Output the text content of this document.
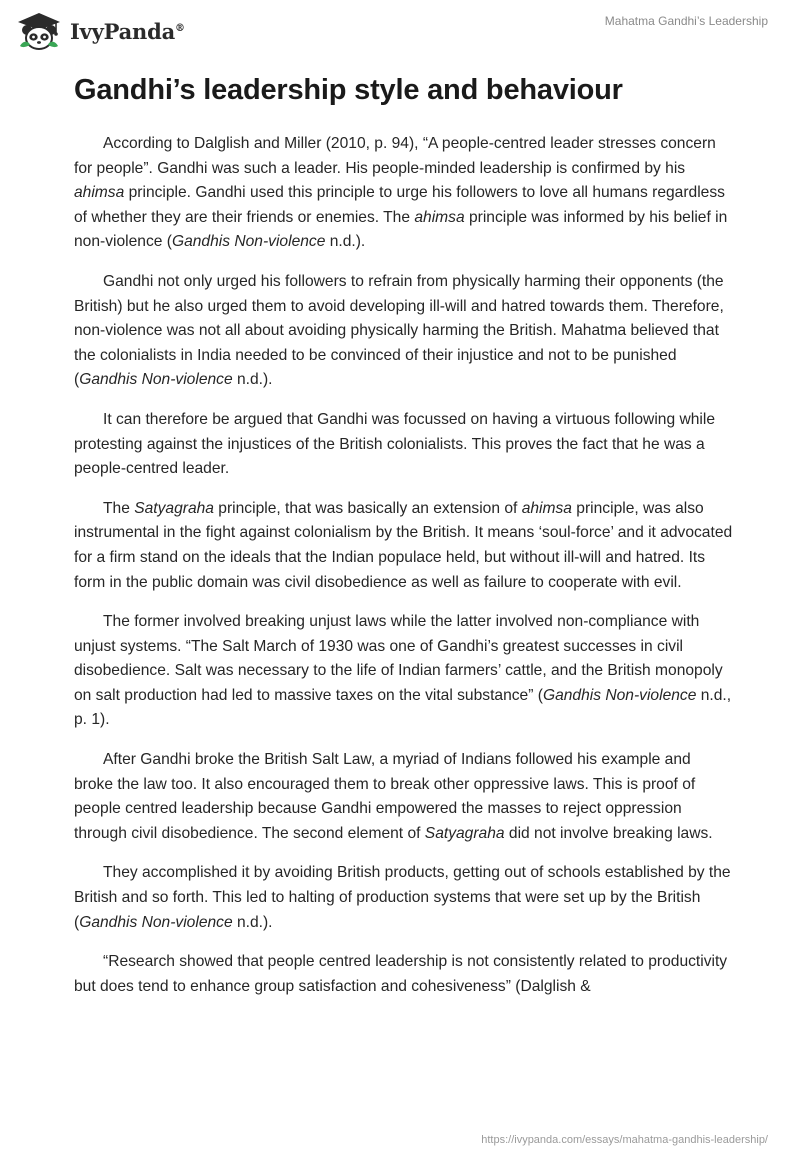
IvyPanda®	Mahatma Gandhi’s Leadership
Gandhi’s leadership style and behaviour

According to Dalglish and Miller (2010, p. 94), “A people-centred leader stresses concern for people”. Gandhi was such a leader. His people-minded leadership is confirmed by his ahimsa principle. Gandhi used this principle to urge his followers to love all humans regardless of whether they are their friends or enemies. The ahimsa principle was informed by his belief in non-violence (Gandhis Non-violence n.d.).

Gandhi not only urged his followers to refrain from physically harming their opponents (the British) but he also urged them to avoid developing ill-will and hatred towards them. Therefore, non-violence was not all about avoiding physically harming the British. Mahatma believed that the colonialists in India needed to be convinced of their injustice and not to be punished (Gandhis Non-violence n.d.).

It can therefore be argued that Gandhi was focussed on having a virtuous following while protesting against the injustices of the British colonialists. This proves the fact that he was a people-centred leader.

The Satyagraha principle, that was basically an extension of ahimsa principle, was also instrumental in the fight against colonialism by the British. It means ‘soul-force’ and it advocated for a firm stand on the ideals that the Indian populace held, but without ill-will and hatred. Its form in the public domain was civil disobedience as well as failure to cooperate with evil.

The former involved breaking unjust laws while the latter involved non-compliance with unjust systems. “The Salt March of 1930 was one of Gandhi’s greatest successes in civil disobedience. Salt was necessary to the life of Indian farmers’ cattle, and the British monopoly on salt production had led to massive taxes on the vital substance” (Gandhis Non-violence n.d., p. 1).

After Gandhi broke the British Salt Law, a myriad of Indians followed his example and broke the law too. It also encouraged them to break other oppressive laws. This is proof of people centred leadership because Gandhi empowered the masses to reject oppression through civil disobedience. The second element of Satyagraha did not involve breaking laws.

They accomplished it by avoiding British products, getting out of schools established by the British and so forth. This led to halting of production systems that were set up by the British (Gandhis Non-violence n.d.).

“Research showed that people centred leadership is not consistently related to productivity but does tend to enhance group satisfaction and cohesiveness” (Dalglish &

https://ivypanda.com/essays/mahatma-gandhis-leadership/
